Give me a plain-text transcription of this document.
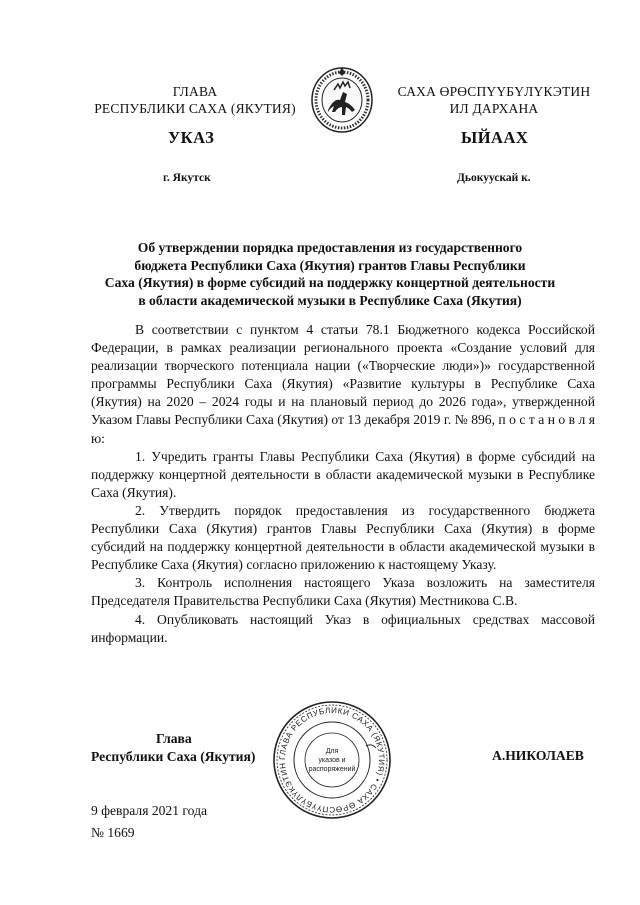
ГЛАВА
РЕСПУБЛИКИ САХА (ЯКУТИЯ)
САХА ӨРӨСПҮҮБҮЛҮКЭТИН
ИЛ ДАРХАНА
УКАЗ	ЫЙААХ
г. Якутск	Дьокуускай к.
Об утверждении порядка предоставления из государственного
бюджета Республики Саха (Якутия) грантов Главы Республики
Саха (Якутия) в форме субсидий на поддержку концертной деятельности
в области академической музыки в Республике Саха (Якутия)

В соответствии с пунктом 4 статьи 78.1 Бюджетного кодекса Российской Федерации, в рамках реализации регионального проекта «Создание условий для реализации творческого потенциала нации («Творческие люди»)» государственной программы Республики Саха (Якутия) «Развитие культуры в Республике Саха (Якутия) на 2020 – 2024 годы и на плановый период до 2026 года», утвержденной Указом Главы Республики Саха (Якутия) от 13 декабря 2019 г. № 896, п о с т а н о в л я ю:

1. Учредить гранты Главы Республики Саха (Якутия) в форме субсидий на поддержку концертной деятельности в области академической музыки в Республике Саха (Якутия).

2. Утвердить порядок предоставления из государственного бюджета Республики Саха (Якутия) грантов Главы Республики Саха (Якутия) в форме субсидий на поддержку концертной деятельности в области академической музыки в Республике Саха (Якутия) согласно приложению к настоящему Указу.

3. Контроль исполнения настоящего Указа возложить на заместителя Председателя Правительства Республики Саха (Якутия) Местникова С.В.

4. Опубликовать настоящий Указ в официальных средствах массовой информации.

ГЛАВА РЕСПУБЛИКИ САХА (ЯКУТИЯ) • САХА ӨРӨСПҮҮБҮЛҮКЭТИН
Для
указов и
распоряжений
Глава
Республики Саха (Якутия)	А.НИКОЛАЕВ
9 февраля 2021 года
№ 1669
